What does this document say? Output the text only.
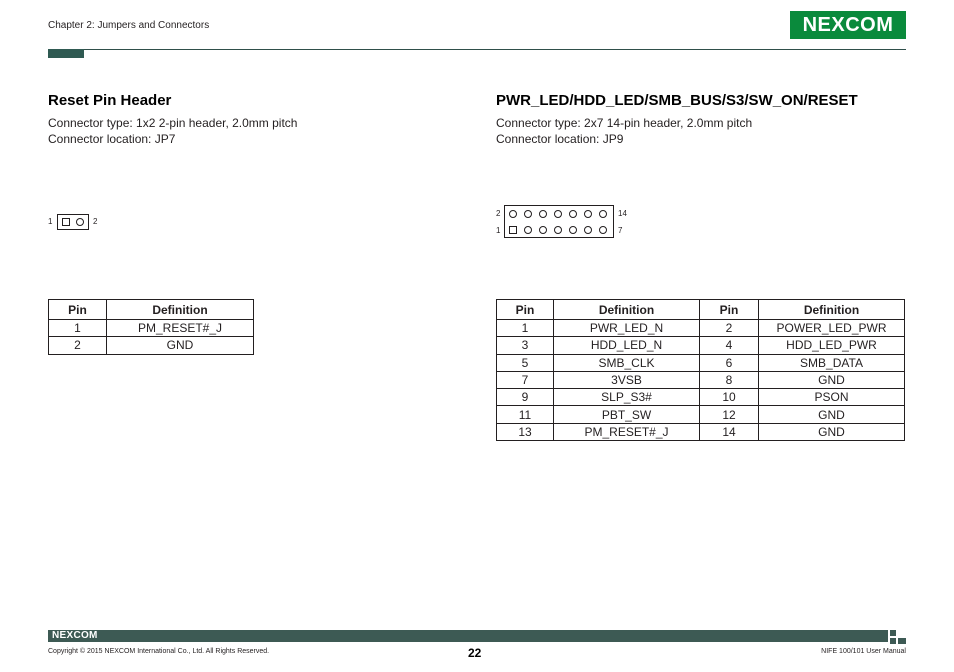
Chapter 2: Jumpers and Connectors	NEXCOM
Reset Pin Header
Connector type: 1x2 2-pin header, 2.0mm pitch
Connector location: JP7
1	2
Pin	Definition
1	PM_RESET#_J
2	GND
PWR_LED/HDD_LED/SMB_BUS/S3/SW_ON/RESET
Connector type: 2x7 14-pin header, 2.0mm pitch
Connector location: JP9
2
1
14
7
Pin	Definition	Pin	Definition
1	PWR_LED_N	2	POWER_LED_PWR
3	HDD_LED_N	4	HDD_LED_PWR
5	SMB_CLK	6	SMB_DATA
7	3VSB	8	GND
9	SLP_S3#	10	PSON
11	PBT_SW	12	GND
13	PM_RESET#_J	14	GND
NEXCOM
Copyright © 2015 NEXCOM International Co., Ltd. All Rights Reserved.	22	NIFE 100/101 User Manual
